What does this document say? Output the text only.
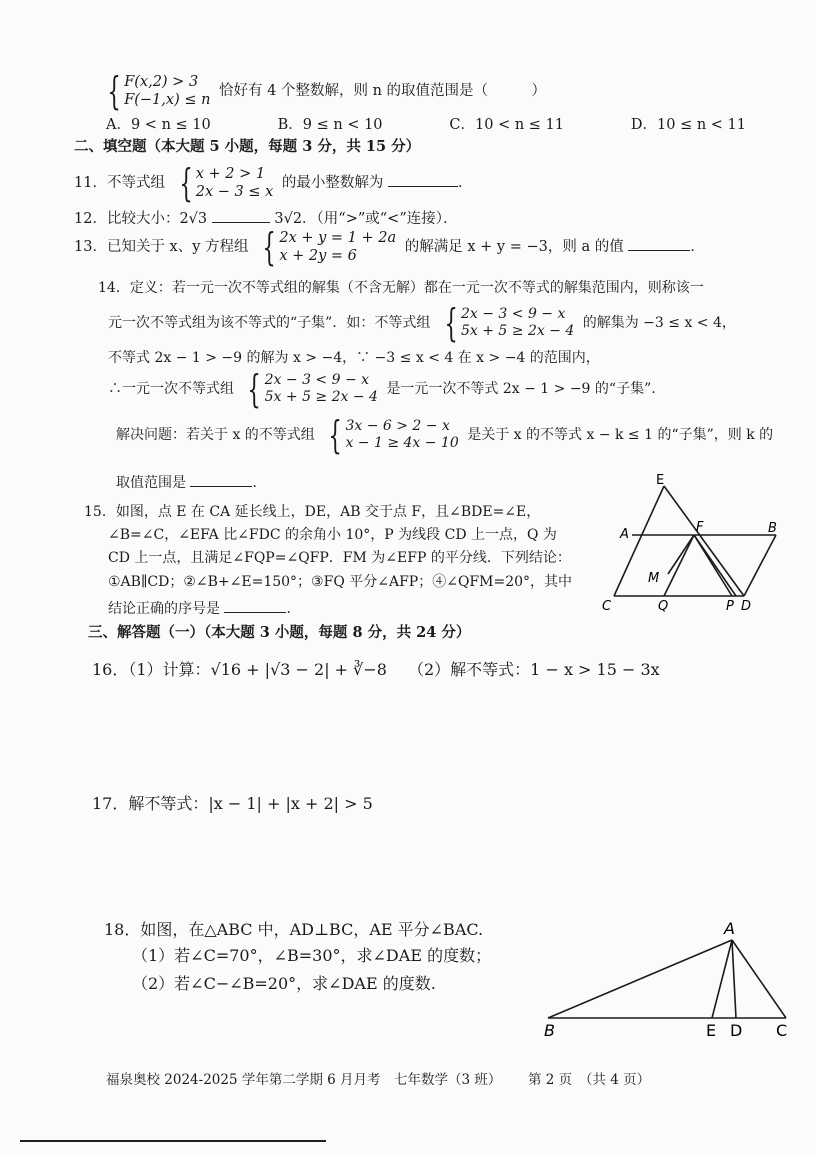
{ F(x,2) > 3
F(−1,x) ≤ n
恰好有 4 个整数解，则 n 的取值范围是（　　　）
A．9 < n ≤ 10	B．9 ≤ n < 10	C．10 < n ≤ 11	D．10 ≤ n < 11
二、填空题（本大题 5 小题，每题 3 分，共 15 分）
11．不等式组 { x + 2 > 1
2x − 3 ≤ x
的最小整数解为	．
12．比较大小：2√3	3√2．（用“>”或“<”连接）．
13．已知关于 x、y 方程组 { 2x + y = 1 + 2a
x + 2y = 6
的解满足 x + y = −3，则 a 的值	．
14．定义：若一元一次不等式组的解集（不含无解）都在一元一次不等式的解集范围内，则称该一
元一次不等式组为该不等式的“子集”．如：不等式组 { 2x − 3 < 9 − x
5x + 5 ≥ 2x − 4 的解集为 −3 ≤ x < 4，
不等式 2x − 1 > −9 的解为 x > −4，∵ −3 ≤ x < 4 在 x > −4 的范围内，
∴一元一次不等式组 { 2x − 3 < 9 − x
5x + 5 ≥ 2x − 4 是一元一次不等式 2x − 1 > −9 的“子集”．
解决问题：若关于 x 的不等式组 { 3x − 6 > 2 − x
x − 1 ≥ 4x − 10 是关于 x 的不等式 x − k ≤ 1 的“子集”，则 k 的
取值范围是	．
15．如图，点 E 在 CA 延长线上，DE，AB 交于点 F，且∠BDE=∠E，
∠B=∠C，∠EFA 比∠FDC 的余角小 10°，P 为线段 CD 上一点，Q 为
CD 上一点，且满足∠FQP=∠QFP．FM 为∠EFP 的平分线．下列结论：
①AB∥CD；②∠B+∠E=150°；③FQ 平分∠AFP；④∠QFM=20°，其中
结论正确的序号是	．
E
A	F	B
M
C	Q	P D
三、解答题（一）（本大题 3 小题，每题 8 分，共 24 分）
16．（1）计算：√16 + |√3 − 2| + ∛−8 （2）解不等式：1 − x > 15 − 3x
17．解不等式：|x − 1| + |x + 2| > 5
18．如图，在△ABC 中，AD⊥BC，AE 平分∠BAC.
（1）若∠C=70°，∠B=30°，求∠DAE 的度数；
（2）若∠C−∠B=20°，求∠DAE 的度数.
A
B	E D C
福泉奥校 2024-2025 学年第二学期 6 月月考　七年数学（3 班） 第 2 页　（共 4 页）
